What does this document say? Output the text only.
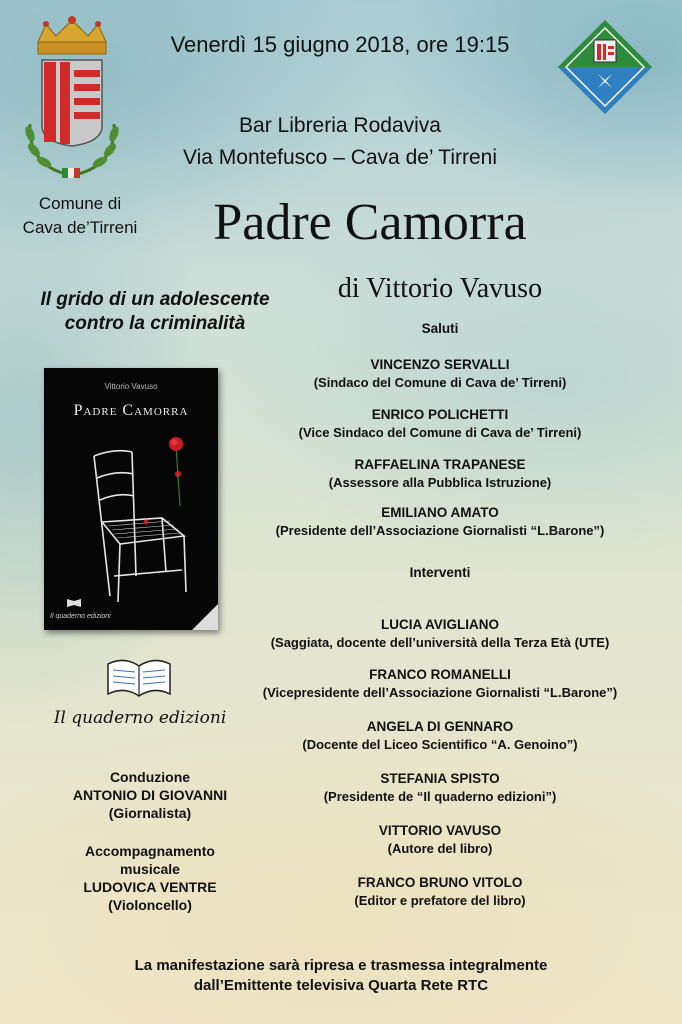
Comune di
Cava de’Tirreni
Venerdì 15 giugno 2018, ore 19:15
Bar Libreria Rodaviva
Via Montefusco – Cava de’ Tirreni
Padre Camorra
di Vittorio Vavuso
Il grido di un adolescente
contro la criminalità
Vittorio Vavuso
Padre Camorra
Il quaderno edizioni
Il quaderno edizioni
Saluti
VINCENZO SERVALLI
(Sindaco del Comune di Cava de’ Tirreni)
ENRICO POLICHETTI
(Vice Sindaco del Comune di Cava de’ Tirreni)
RAFFAELINA TRAPANESE
(Assessore alla Pubblica Istruzione)
EMILIANO AMATO
(Presidente dell’Associazione Giornalisti “L.Barone”)
Interventi
LUCIA AVIGLIANO
(Saggiata, docente dell’università della Terza Età (UTE)
FRANCO ROMANELLI
(Vicepresidente dell’Associazione Giornalisti “L.Barone”)
ANGELA DI GENNARO
(Docente del Liceo Scientifico “A. Genoino”)
STEFANIA SPISTO
(Presidente de “Il quaderno edizioni”)
VITTORIO VAVUSO
(Autore del libro)
FRANCO BRUNO VITOLO
(Editor e prefatore del libro)
Conduzione
ANTONIO DI GIOVANNI
(Giornalista)
Accompagnamento
musicale
LUDOVICA VENTRE
(Violoncello)
La manifestazione sarà ripresa e trasmessa integralmente
dall’Emittente televisiva Quarta Rete RTC
